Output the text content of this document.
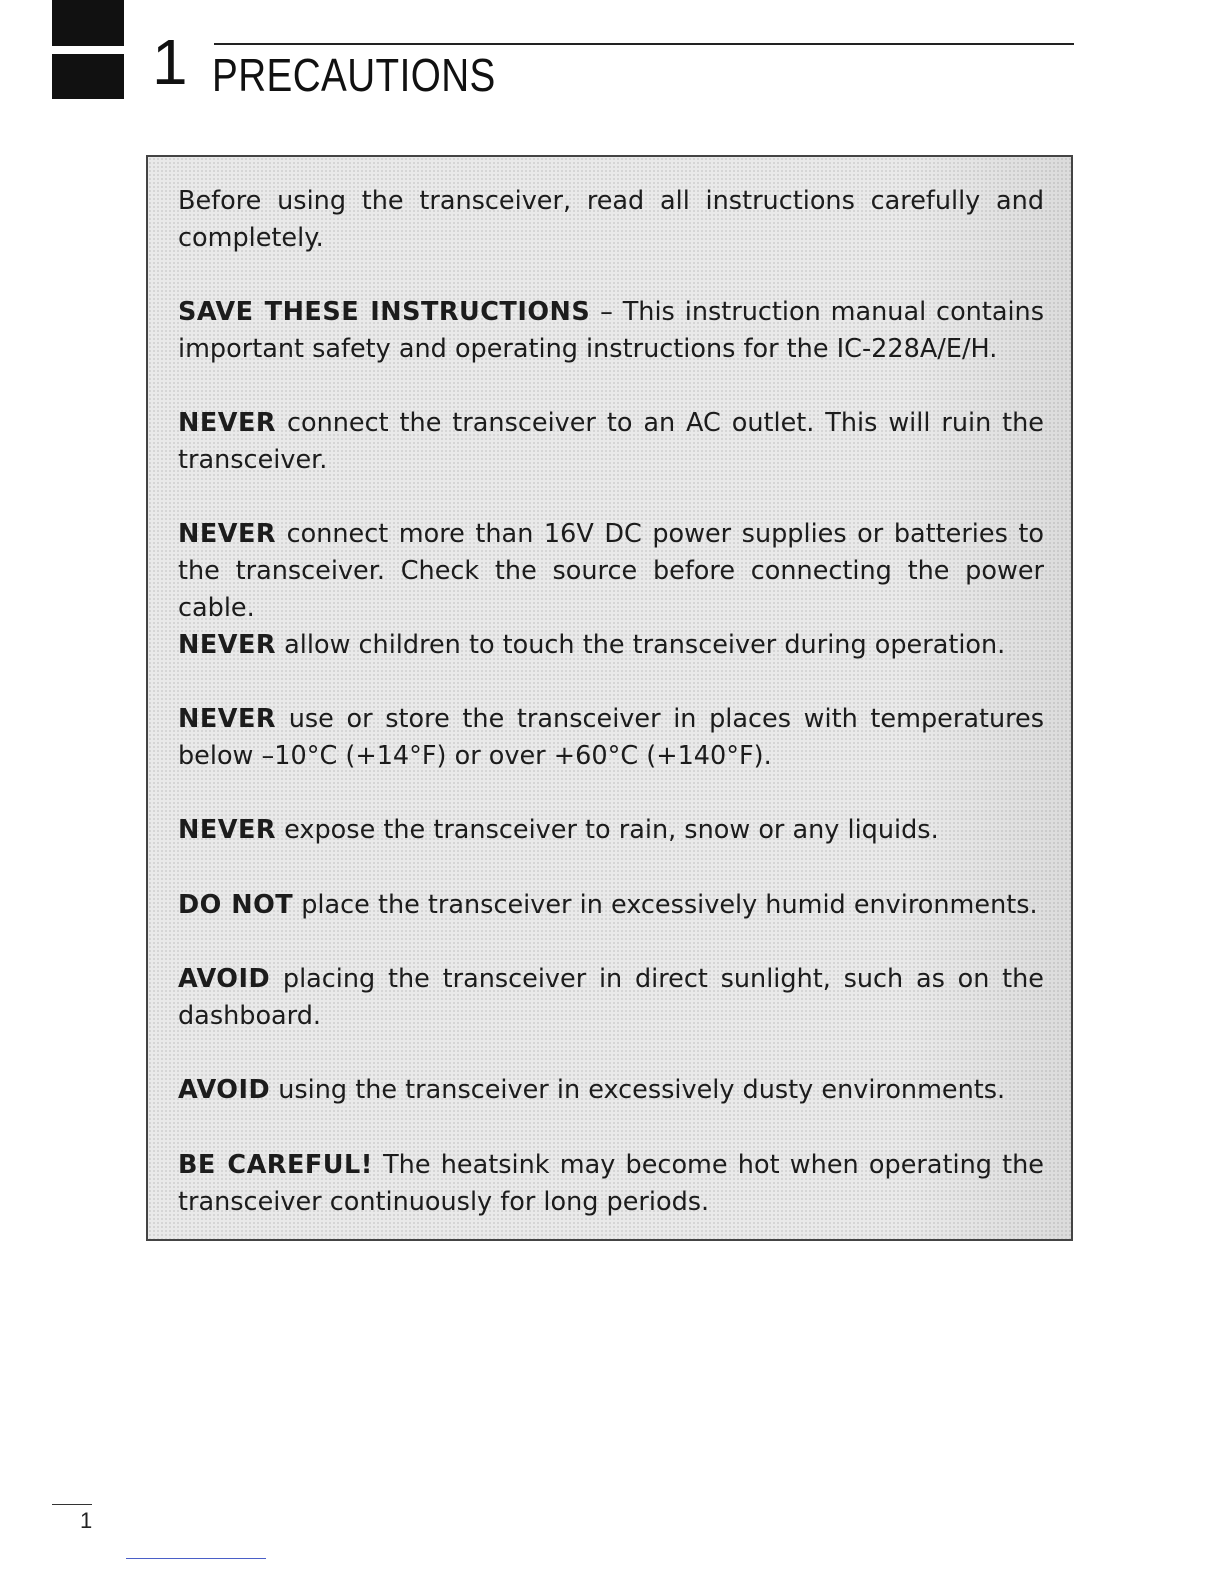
1 PRECAUTIONS

Before using the transceiver, read all instructions carefully and completely.

SAVE THESE INSTRUCTIONS – This instruction manual contains important safety and operating instructions for the IC-228A/E/H.

NEVER connect the transceiver to an AC outlet. This will ruin the transceiver.

NEVER connect more than 16V DC power supplies or batteries to the transceiver. Check the source before connecting the power cable.

NEVER allow children to touch the transceiver during operation.

NEVER use or store the transceiver in places with temperatures below –10°C (+14°F) or over +60°C (+140°F).

NEVER expose the transceiver to rain, snow or any liquids.

DO NOT place the transceiver in excessively humid environments.

AVOID placing the transceiver in direct sunlight, such as on the dashboard.

AVOID using the transceiver in excessively dusty environments.

BE CAREFUL! The heatsink may become hot when operating the transceiver continuously for long periods.

1
